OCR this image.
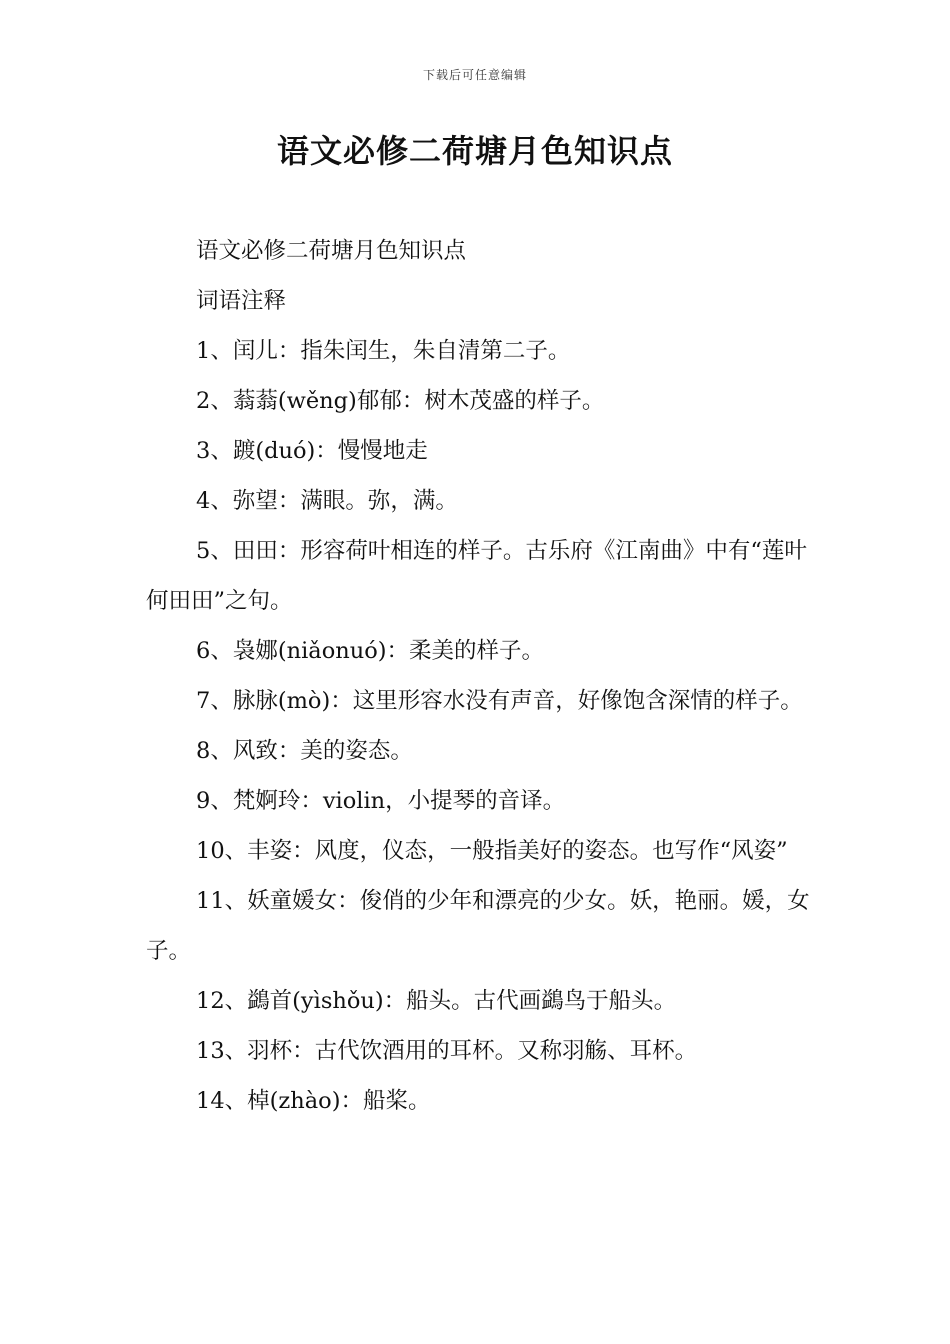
下载后可任意编辑
语文必修二荷塘月色知识点

语文必修二荷塘月色知识点

词语注释

1、闰儿：指朱闰生，朱自清第二子。

2、蓊蓊(wěng)郁郁：树木茂盛的样子。

3、踱(duó)：慢慢地走

4、弥望：满眼。弥，满。

5、田田：形容荷叶相连的样子。古乐府《江南曲》中有“莲叶何田田”之句。

6、袅娜(niǎonuó)：柔美的样子。

7、脉脉(mò)：这里形容水没有声音，好像饱含深情的样子。

8、风致：美的姿态。

9、梵婀玲：violin，小提琴的音译。

10、丰姿：风度，仪态，一般指美好的姿态。也写作“风姿”

11、妖童媛女：俊俏的少年和漂亮的少女。妖，艳丽。媛，女子。

12、鷁首(yìshǒu)：船头。古代画鷁鸟于船头。

13、羽杯：古代饮酒用的耳杯。又称羽觞、耳杯。

14、棹(zhào)：船桨。
